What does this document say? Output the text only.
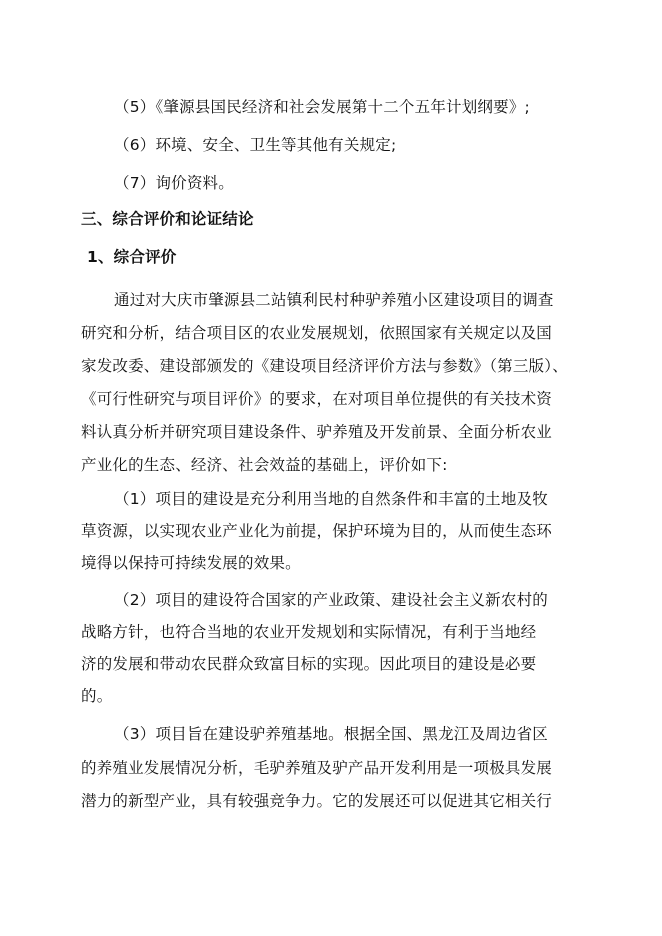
（5）《肇源县国民经济和社会发展第十二个五年计划纲要》;
（6）环境、安全、卫生等其他有关规定;
（7）询价资料。
三、综合评价和论证结论
1、综合评价
通过对大庆市肇源县二站镇利民村种驴养殖小区建设项目的调查
研究和分析，结合项目区的农业发展规划，依照国家有关规定以及国
家发改委、建设部颁发的《建设项目经济评价方法与参数》（第三版）、
《可行性研究与项目评价》的要求，在对项目单位提供的有关技术资
料认真分析并研究项目建设条件、驴养殖及开发前景、全面分析农业
产业化的生态、经济、社会效益的基础上，评价如下:
（1）项目的建设是充分利用当地的自然条件和丰富的土地及牧
草资源，以实现农业产业化为前提，保护环境为目的，从而使生态环
境得以保持可持续发展的效果。
（2）项目的建设符合国家的产业政策、建设社会主义新农村的
战略方针，也符合当地的农业开发规划和实际情况，有利于当地经
济的发展和带动农民群众致富目标的实现。因此项目的建设是必要
的。
（3）项目旨在建设驴养殖基地。根据全国、黑龙江及周边省区
的养殖业发展情况分析，毛驴养殖及驴产品开发利用是一项极具发展
潜力的新型产业，具有较强竞争力。它的发展还可以促进其它相关行
